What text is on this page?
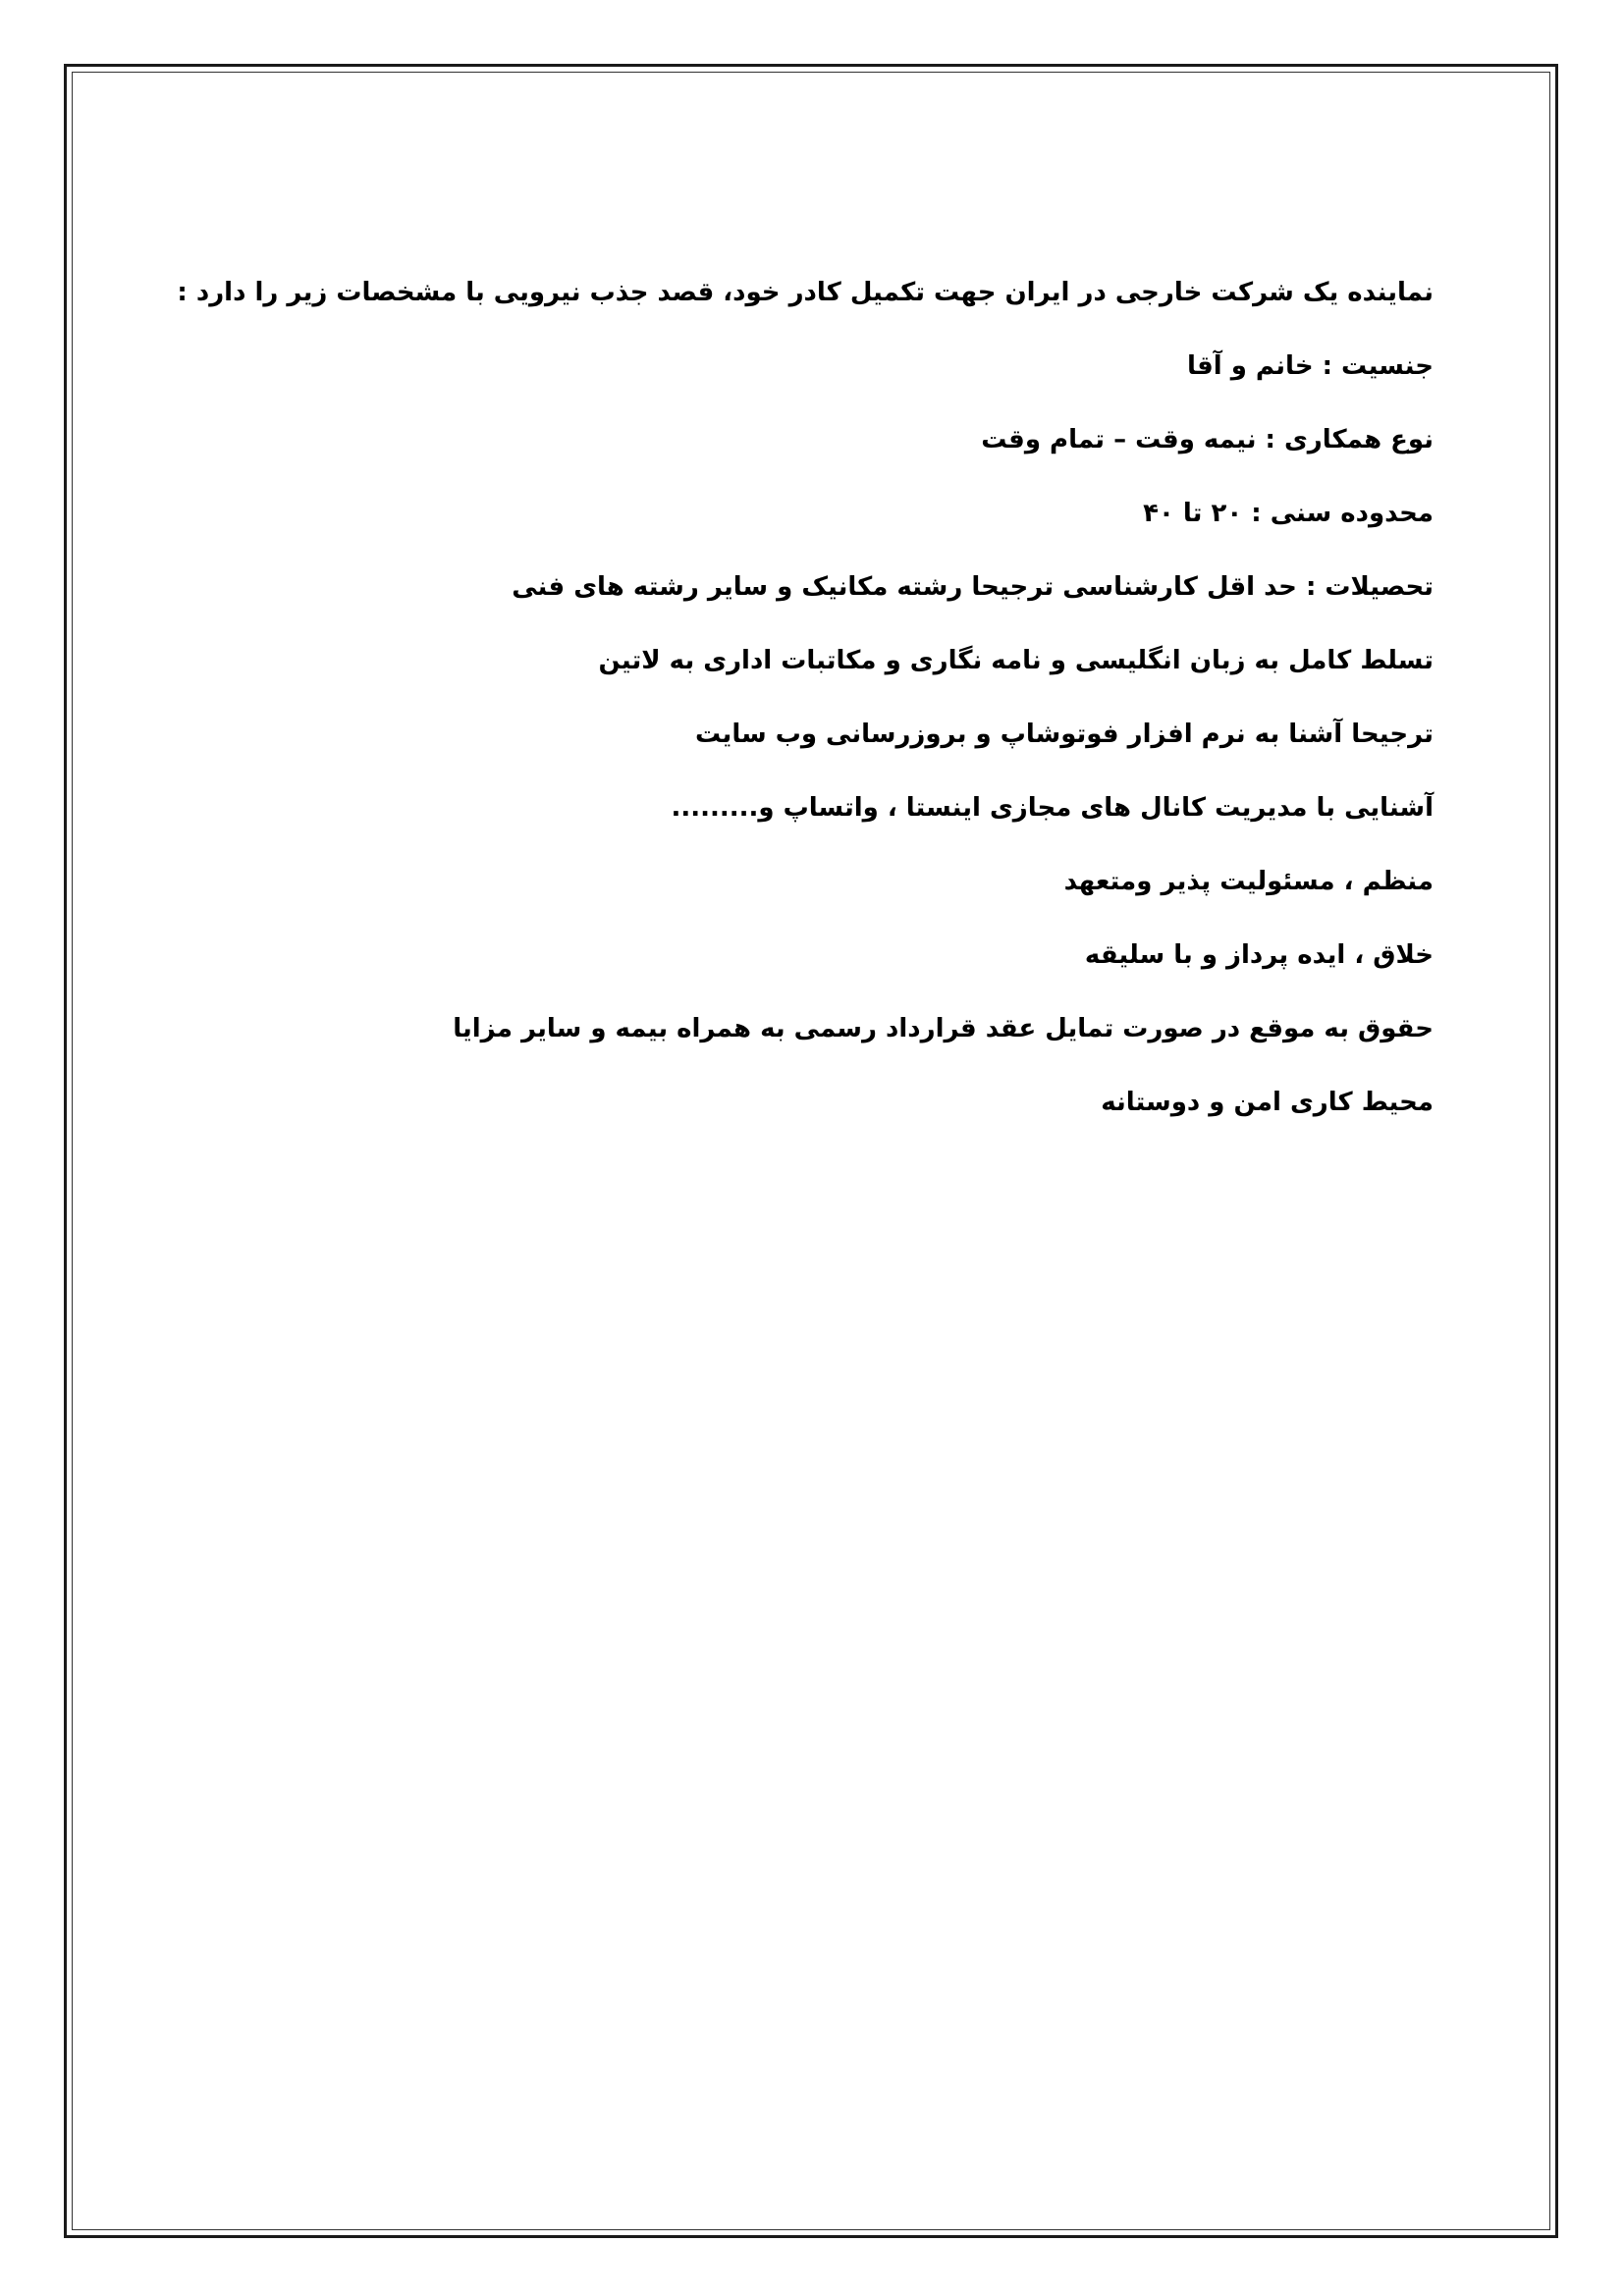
نماینده یک شرکت خارجی در ایران جهت تکمیل کادر خود، قصد جذب نیرویی با مشخصات زیر را دارد :
جنسیت : خانم و آقا
نوع همکاری : نیمه وقت – تمام وقت
محدوده سنی : ۲۰ تا ۴۰
تحصیلات : حد اقل کارشناسی ترجیحا رشته مکانیک و سایر رشته های فنی
تسلط کامل به زبان انگلیسی و نامه نگاری و مکاتبات اداری به لاتین
ترجیحا آشنا به نرم افزار فوتوشاپ و بروزرسانی وب سایت
آشنایی با مدیریت کانال های مجازی اینستا ، واتساپ و.........
منظم ، مسئولیت پذیر ومتعهد
خلاق ، ایده پرداز و با سلیقه
حقوق به موقع در صورت تمایل عقد قرارداد رسمی به همراه بیمه و سایر مزایا
محیط کاری امن و دوستانه
